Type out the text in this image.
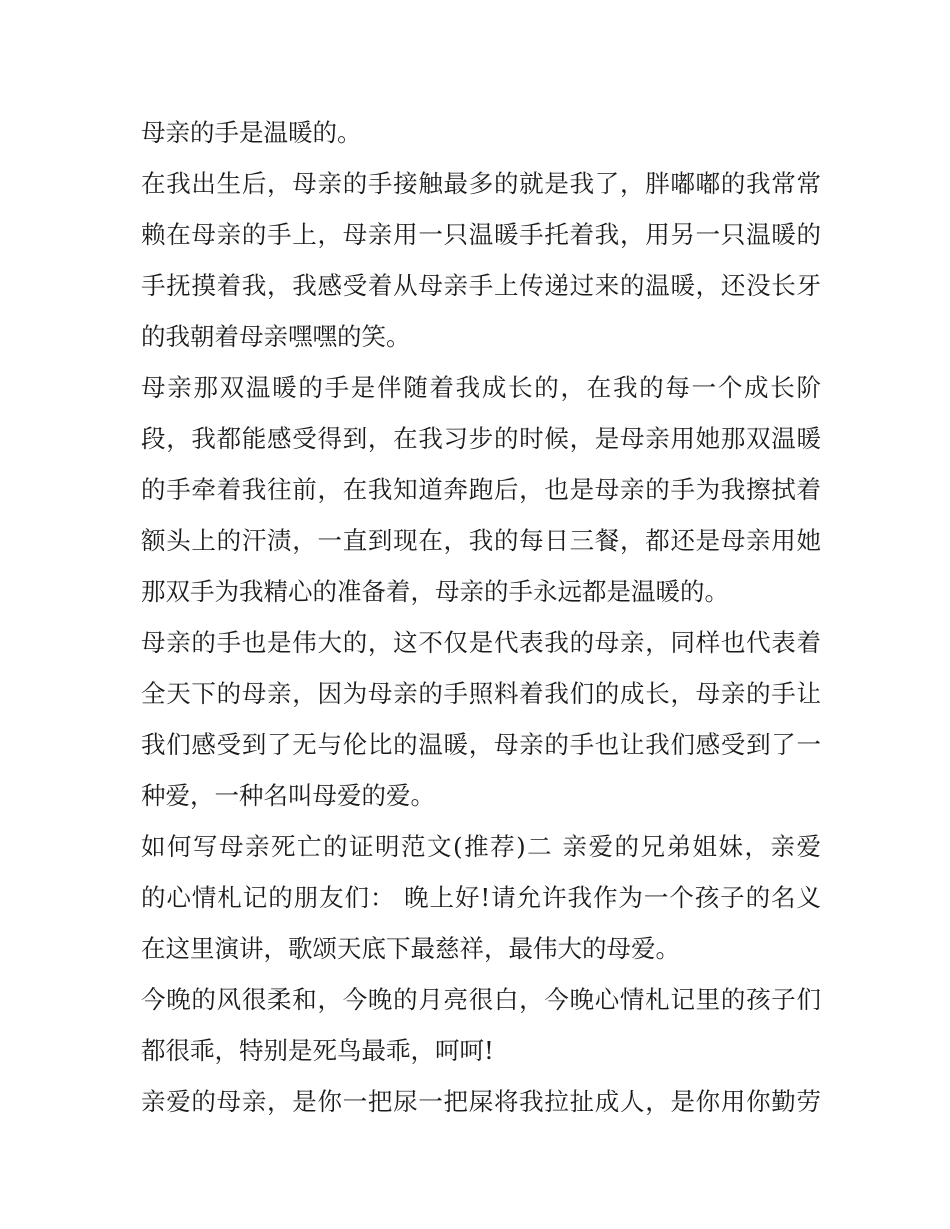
母亲的手是温暖的。
在我出生后，母亲的手接触最多的就是我了，胖嘟嘟的我常常
赖在母亲的手上，母亲用一只温暖手托着我，用另一只温暖的
手抚摸着我，我感受着从母亲手上传递过来的温暖，还没长牙
的我朝着母亲嘿嘿的笑。
母亲那双温暖的手是伴随着我成长的，在我的每一个成长阶
段，我都能感受得到，在我习步的时候，是母亲用她那双温暖
的手牵着我往前，在我知道奔跑后，也是母亲的手为我擦拭着
额头上的汗渍，一直到现在，我的每日三餐，都还是母亲用她
那双手为我精心的准备着，母亲的手永远都是温暖的。
母亲的手也是伟大的，这不仅是代表我的母亲，同样也代表着
全天下的母亲，因为母亲的手照料着我们的成长，母亲的手让
我们感受到了无与伦比的温暖，母亲的手也让我们感受到了一
种爱，一种名叫母爱的爱。
如何写母亲死亡的证明范文(推荐)二 亲爱的兄弟姐妹，亲爱
的心情札记的朋友们： 晚上好!请允许我作为一个孩子的名义
在这里演讲，歌颂天底下最慈祥，最伟大的母爱。
今晚的风很柔和，今晚的月亮很白，今晚心情札记里的孩子们
都很乖，特别是死鸟最乖，呵呵!
亲爱的母亲，是你一把尿一把屎将我拉扯成人，是你用你勤劳
